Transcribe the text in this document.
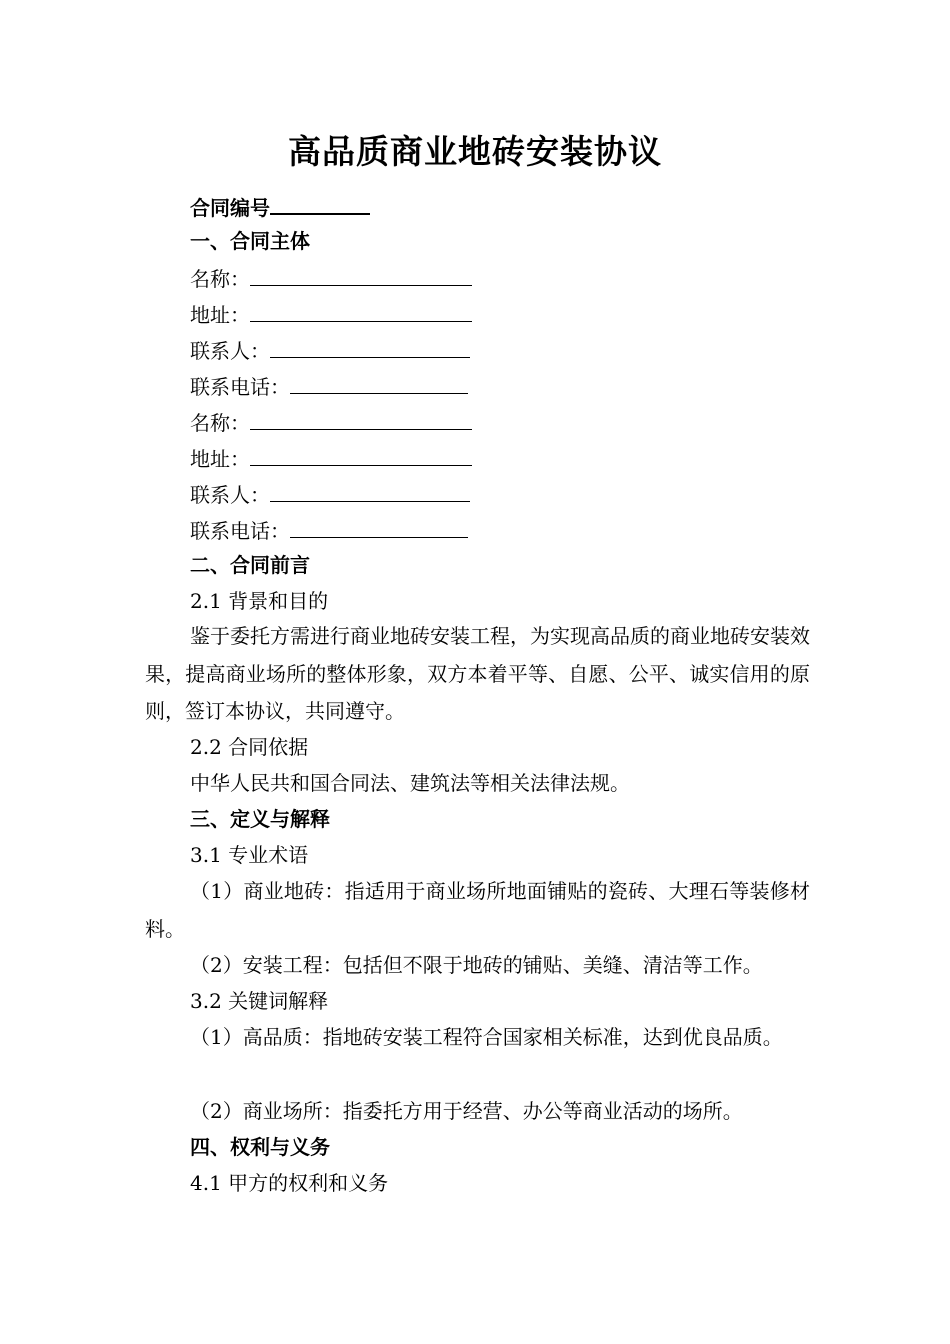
高品质商业地砖安装协议
合同编号
一、合同主体
名称：
地址：
联系人：
联系电话：
名称：
地址：
联系人：
联系电话：
二、合同前言
2.1 背景和目的
鉴于委托方需进行商业地砖安装工程，为实现高品质的商业地砖安装效果，提高商业场所的整体形象，双方本着平等、自愿、公平、诚实信用的原则，签订本协议，共同遵守。
2.2 合同依据
中华人民共和国合同法、建筑法等相关法律法规。
三、定义与解释
3.1 专业术语
（1）商业地砖：指适用于商业场所地面铺贴的瓷砖、大理石等装修材料。
（2）安装工程：包括但不限于地砖的铺贴、美缝、清洁等工作。
3.2 关键词解释
（1）高品质：指地砖安装工程符合国家相关标准，达到优良品质。
（2）商业场所：指委托方用于经营、办公等商业活动的场所。
四、权利与义务
4.1 甲方的权利和义务
